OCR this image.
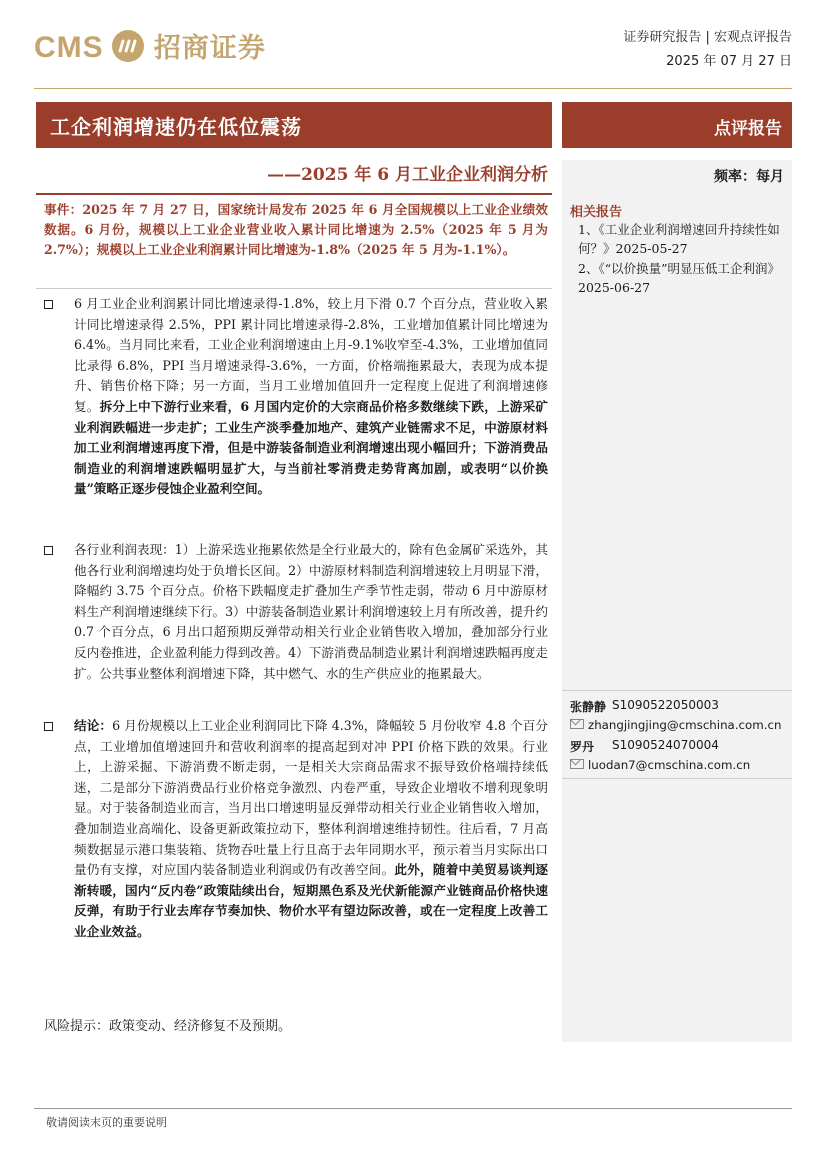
CMS 招商证券	证券研究报告 | 宏观点评报告
2025 年 07 月 27 日
工企利润增速仍在低位震荡	点评报告
——2025 年 6 月工业企业利润分析	频率：每月
相关报告
1、《工业企业利润增速回升持续性如何？》2025-05-27
2、《“以价换量”明显压低工企利润》2025-06-27
张静静 S1090522050003
zhangjingjing@cmschina.com.cn
罗丹 S1090524070004
luodan7@cmschina.com.cn
事件：2025 年 7 月 27 日，国家统计局发布 2025 年 6 月全国规模以上工业企业绩效数据。6 月份，规模以上工业企业营业收入累计同比增速为 2.5%（2025 年 5 月为 2.7%）；规模以上工业企业利润累计同比增速为-1.8%（2025 年 5 月为-1.1%）。
6 月工业企业利润累计同比增速录得-1.8%，较上月下滑 0.7 个百分点，营业收入累计同比增速录得 2.5%，PPI 累计同比增速录得-2.8%，工业增加值累计同比增速为 6.4%。当月同比来看，工业企业利润增速由上月-9.1%收窄至-4.3%，工业增加值同比录得 6.8%，PPI 当月增速录得-3.6%，一方面，价格端拖累最大，表现为成本提升、销售价格下降；另一方面，当月工业增加值回升一定程度上促进了利润增速修复。拆分上中下游行业来看，6 月国内定价的大宗商品价格多数继续下跌，上游采矿业利润跌幅进一步走扩；工业生产淡季叠加地产、建筑产业链需求不足，中游原材料加工业利润增速再度下滑，但是中游装备制造业利润增速出现小幅回升；下游消费品制造业的利润增速跌幅明显扩大，与当前社零消费走势背离加剧，或表明“以价换量”策略正逐步侵蚀企业盈利空间。
各行业利润表现：1）上游采选业拖累依然是全行业最大的，除有色金属矿采选外，其他各行业利润增速均处于负增长区间。2）中游原材料制造利润增速较上月明显下滑，降幅约 3.75 个百分点。价格下跌幅度走扩叠加生产季节性走弱，带动 6 月中游原材料生产利润增速继续下行。3）中游装备制造业累计利润增速较上月有所改善，提升约 0.7 个百分点，6 月出口超预期反弹带动相关行业企业销售收入增加，叠加部分行业反内卷推进，企业盈利能力得到改善。4）下游消费品制造业累计利润增速跌幅再度走扩。公共事业整体利润增速下降，其中燃气、水的生产供应业的拖累最大。
结论：6 月份规模以上工业企业利润同比下降 4.3%，降幅较 5 月份收窄 4.8 个百分点，工业增加值增速回升和营收利润率的提高起到对冲 PPI 价格下跌的效果。行业上，上游采掘、下游消费不断走弱，一是相关大宗商品需求不振导致价格端持续低迷，二是部分下游消费品行业价格竞争激烈、内卷严重，导致企业增收不增利现象明显。对于装备制造业而言，当月出口增速明显反弹带动相关行业企业销售收入增加，叠加制造业高端化、设备更新政策拉动下，整体利润增速维持韧性。往后看，7 月高频数据显示港口集装箱、货物吞吐量上行且高于去年同期水平，预示着当月实际出口量仍有支撑，对应国内装备制造业利润或仍有改善空间。此外，随着中美贸易谈判逐渐转暖，国内“反内卷”政策陆续出台，短期黑色系及光伏新能源产业链商品价格快速反弹，有助于行业去库存节奏加快、物价水平有望边际改善，或在一定程度上改善工业企业效益。
风险提示：政策变动、经济修复不及预期。
敬请阅读末页的重要说明
